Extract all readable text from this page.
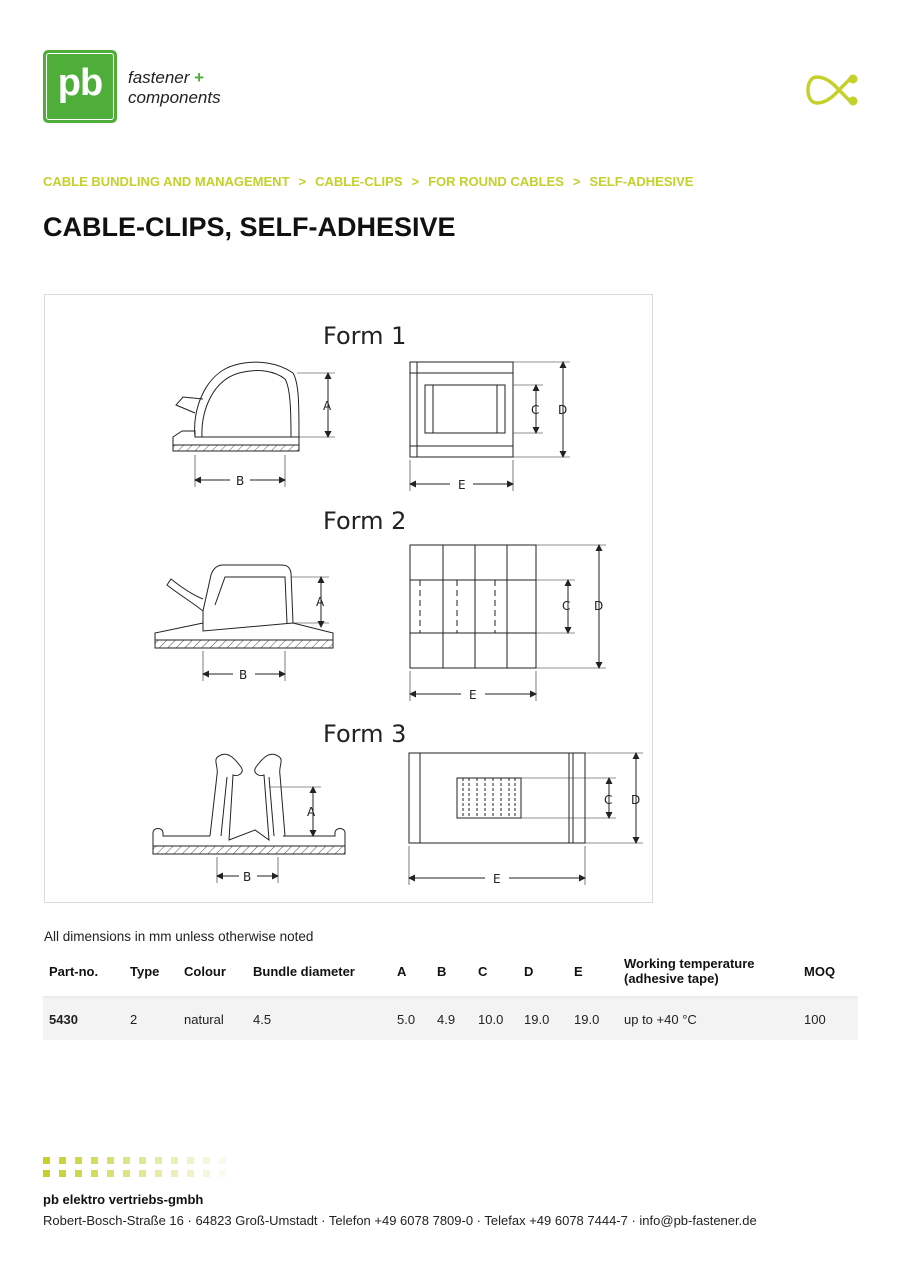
pb	fastener +
components
CABLE BUNDLING AND MANAGEMENT > CABLE-CLIPS > FOR ROUND CABLES > SELF-ADHESIVE
CABLE-CLIPS, SELF-ADHESIVE
Form 1
Form 2
Form 3
A
B
C D
E
A
B
C D
E
A
B
C D
E
All dimensions in mm unless otherwise noted
Part-no.	Type	Colour	Bundle diameter	A	B	C	D	E	Working temperature
(adhesive tape)	MOQ
5430	2	natural	4.5	5.0	4.9	10.0	19.0	19.0	up to +40 °C	100
pb elektro vertriebs-gmbh
Robert-Bosch-Straße 16 · 64823 Groß-Umstadt · Telefon +49 6078 7809-0 · Telefax +49 6078 7444-7 · info@pb-fastener.de
